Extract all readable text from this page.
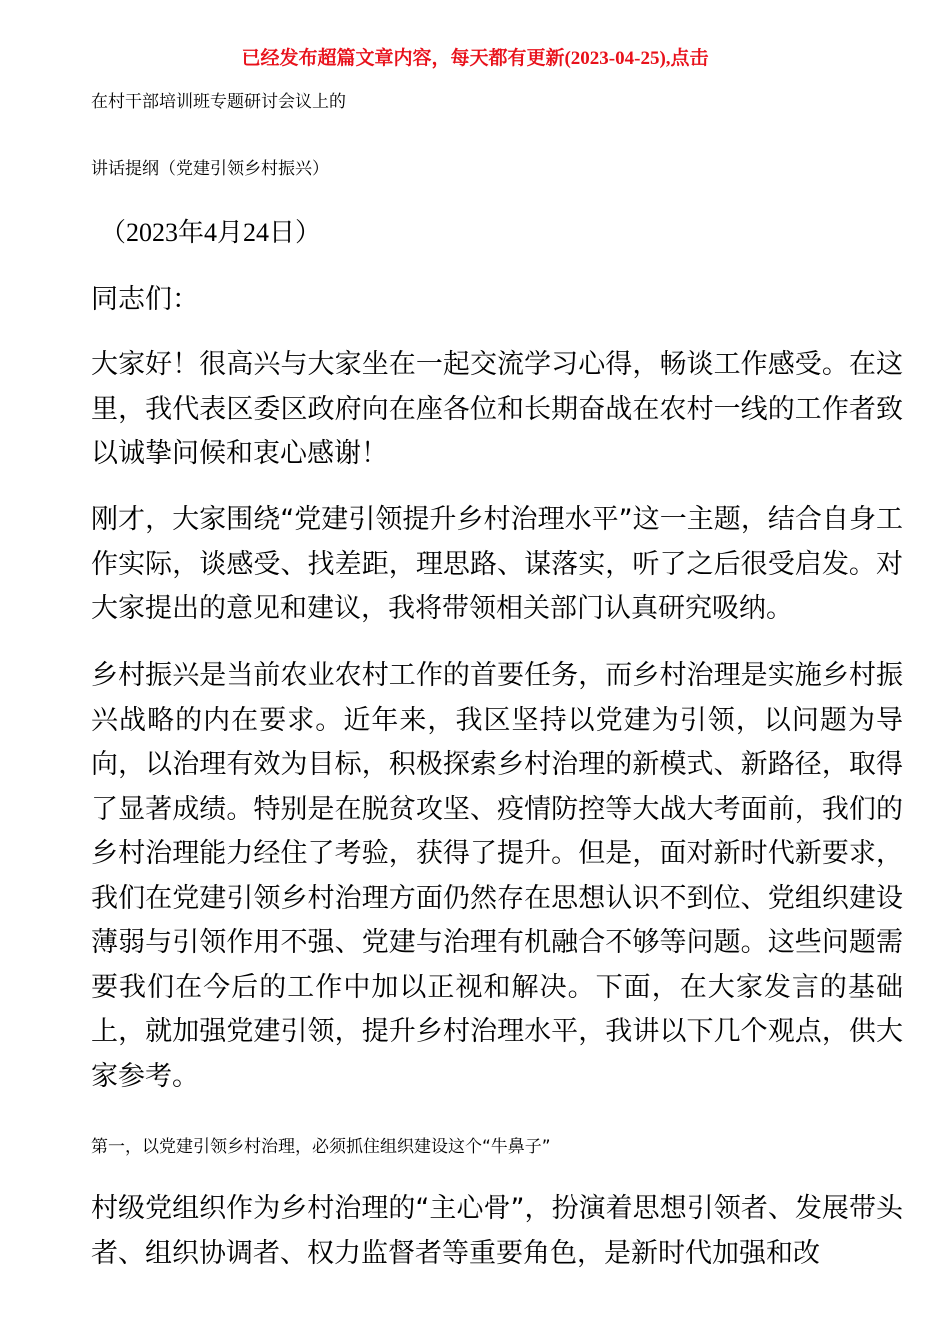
已经发布超篇文章内容，每天都有更新(2023-04-25),点击
在村干部培训班专题研讨会议上的
讲话提纲（党建引领乡村振兴）
（2023年4月24日）
同志们：

大家好！很高兴与大家坐在一起交流学习心得，畅谈工作感受。在这里，我代表区委区政府向在座各位和长期奋战在农村一线的工作者致以诚挚问候和衷心感谢！

刚才，大家围绕“党建引领提升乡村治理水平”这一主题，结合自身工作实际，谈感受、找差距，理思路、谋落实，听了之后很受启发。对大家提出的意见和建议，我将带领相关部门认真研究吸纳。

乡村振兴是当前农业农村工作的首要任务，而乡村治理是实施乡村振兴战略的内在要求。近年来，我区坚持以党建为引领，以问题为导向，以治理有效为目标，积极探索乡村治理的新模式、新路径，取得了显著成绩。特别是在脱贫攻坚、疫情防控等大战大考面前，我们的乡村治理能力经住了考验，获得了提升。但是，面对新时代新要求，我们在党建引领乡村治理方面仍然存在思想认识不到位、党组织建设薄弱与引领作用不强、党建与治理有机融合不够等问题。这些问题需要我们在今后的工作中加以正视和解决。下面，在大家发言的基础上，就加强党建引领，提升乡村治理水平，我讲以下几个观点，供大家参考。

第一，以党建引领乡村治理，必须抓住组织建设这个“牛鼻子”

村级党组织作为乡村治理的“主心骨”，扮演着思想引领者、发展带头者、组织协调者、权力监督者等重要角色，是新时代加强和改
